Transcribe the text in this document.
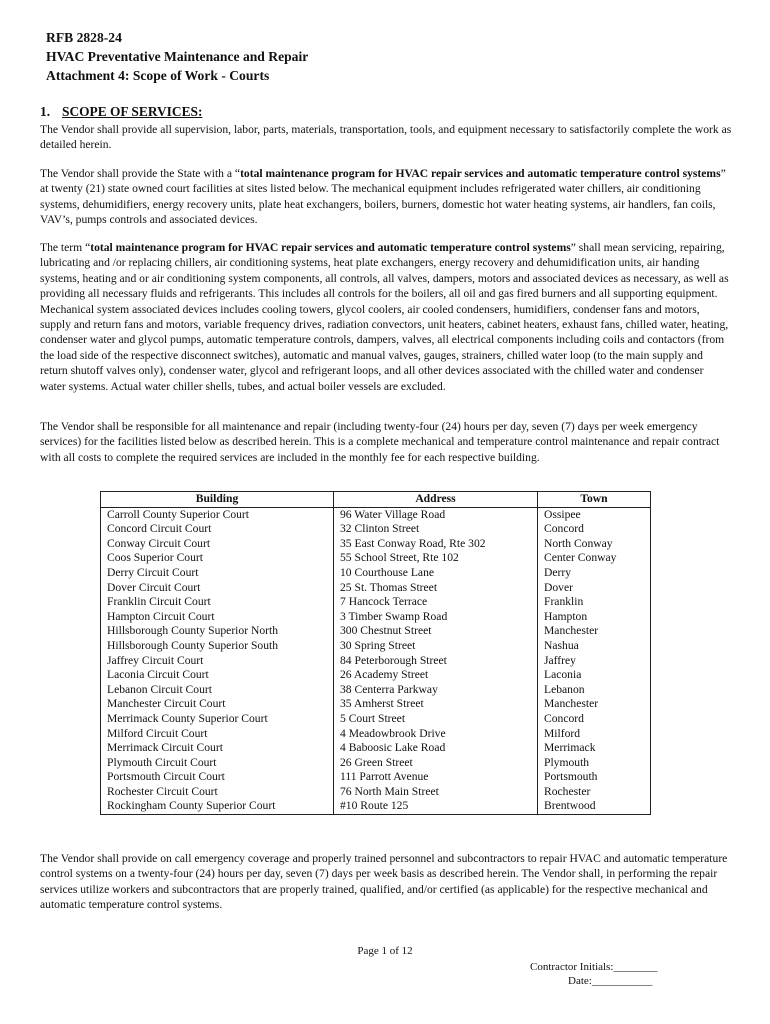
RFB 2828-24
HVAC Preventative Maintenance and Repair
Attachment 4: Scope of Work - Courts
1. SCOPE OF SERVICES:
The Vendor shall provide all supervision, labor, parts, materials, transportation, tools, and equipment necessary to satisfactorily complete the work as detailed herein.
The Vendor shall provide the State with a “total maintenance program for HVAC repair services and automatic temperature control systems” at twenty (21) state owned court facilities at sites listed below. The mechanical equipment includes refrigerated water chillers, air conditioning systems, dehumidifiers, energy recovery units, plate heat exchangers, boilers, burners, domestic hot water heating systems, air handlers, fan coils, VAV’s, pumps controls and associated devices.
The term “total maintenance program for HVAC repair services and automatic temperature control systems” shall mean servicing, repairing, lubricating and /or replacing chillers, air conditioning systems, heat plate exchangers, energy recovery and dehumidification units, air handing systems, heating and or air conditioning system components, all controls, all valves, dampers, motors and associated devices as necessary, as well as providing all necessary fluids and refrigerants. This includes all controls for the boilers, all oil and gas fired burners and all supporting equipment. Mechanical system associated devices includes cooling towers, glycol coolers, air cooled condensers, humidifiers, condenser fans and motors, supply and return fans and motors, variable frequency drives, radiation convectors, unit heaters, cabinet heaters, exhaust fans, chilled water, heating, condenser water and glycol pumps, automatic temperature controls, dampers, valves, all electrical components including coils and contactors (from the load side of the respective disconnect switches), automatic and manual valves, gauges, strainers, chilled water loop (to the main supply and return shutoff valves only), condenser water, glycol and refrigerant loops, and all other devices associated with the chilled water and condenser water systems. Actual water chiller shells, tubes, and actual boiler vessels are excluded.
The Vendor shall be responsible for all maintenance and repair (including twenty-four (24) hours per day, seven (7) days per week emergency services) for the facilities listed below as described herein. This is a complete mechanical and temperature control maintenance and repair contract with all costs to complete the required services are included in the monthly fee for each respective building.
Building	Address	Town
Carroll County Superior Court	96 Water Village Road	Ossipee
Concord Circuit Court	32 Clinton Street	Concord
Conway Circuit Court	35 East Conway Road, Rte 302	North Conway
Coos Superior Court	55 School Street, Rte 102	Center Conway
Derry Circuit Court	10 Courthouse Lane	Derry
Dover Circuit Court	25 St. Thomas Street	Dover
Franklin Circuit Court	7 Hancock Terrace	Franklin
Hampton Circuit Court	3 Timber Swamp Road	Hampton
Hillsborough County Superior North	300 Chestnut Street	Manchester
Hillsborough County Superior South	30 Spring Street	Nashua
Jaffrey Circuit Court	84 Peterborough Street	Jaffrey
Laconia Circuit Court	26 Academy Street	Laconia
Lebanon Circuit Court	38 Centerra Parkway	Lebanon
Manchester Circuit Court	35 Amherst Street	Manchester
Merrimack County Superior Court	5 Court Street	Concord
Milford Circuit Court	4 Meadowbrook Drive	Milford
Merrimack Circuit Court	4 Baboosic Lake Road	Merrimack
Plymouth Circuit Court	26 Green Street	Plymouth
Portsmouth Circuit Court	111 Parrott Avenue	Portsmouth
Rochester Circuit Court	76 North Main Street	Rochester
Rockingham County Superior Court	#10 Route 125	Brentwood
The Vendor shall provide on call emergency coverage and properly trained personnel and subcontractors to repair HVAC and automatic temperature control systems on a twenty-four (24) hours per day, seven (7) days per week basis as described herein. The Vendor shall, in performing the repair services utilize workers and subcontractors that are properly trained, qualified, and/or certified (as applicable) for the respective mechanical and automatic temperature control systems.
Page 1 of 12
Contractor Initials:________
Date:___________
